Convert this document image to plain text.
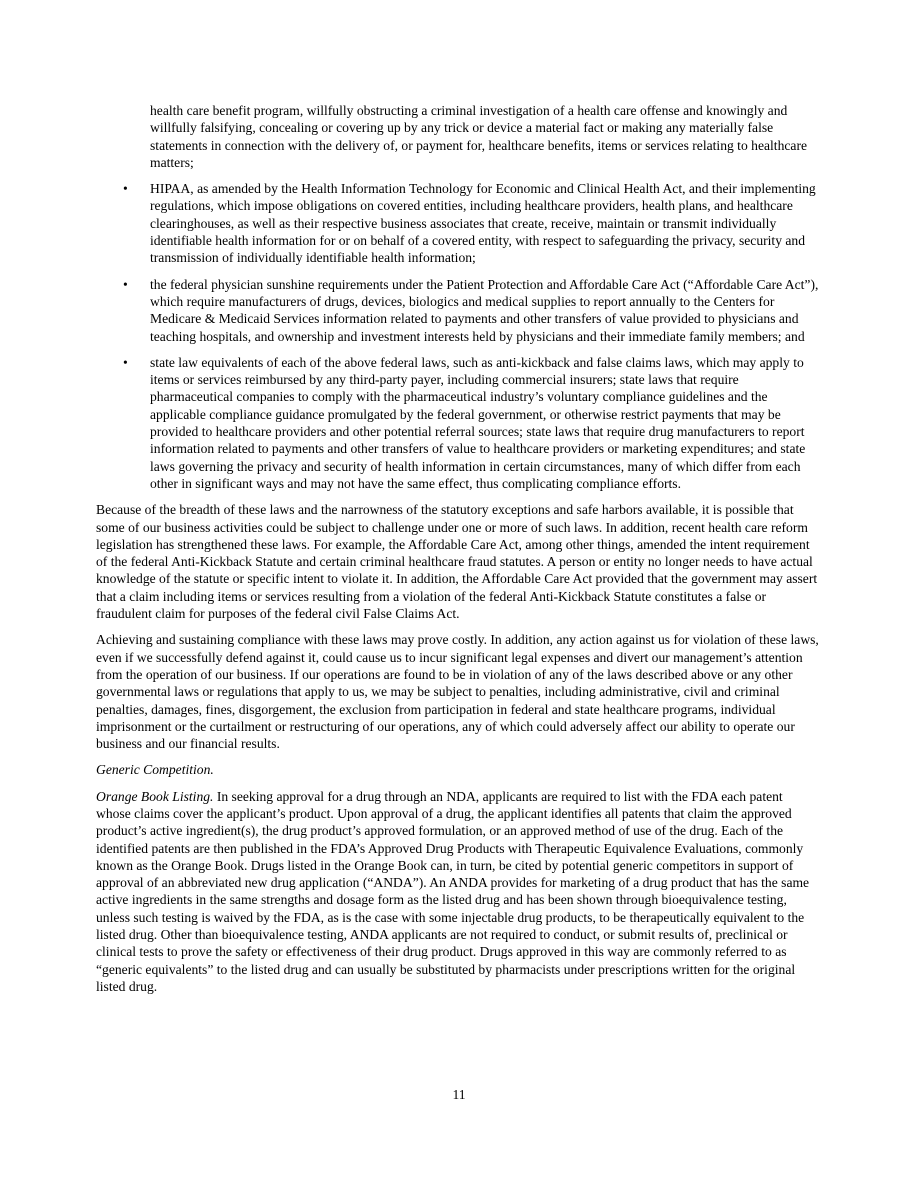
health care benefit program, willfully obstructing a criminal investigation of a health care offense and knowingly and willfully falsifying, concealing or covering up by any trick or device a material fact or making any materially false statements in connection with the delivery of, or payment for, healthcare benefits, items or services relating to healthcare matters;

• HIPAA, as amended by the Health Information Technology for Economic and Clinical Health Act, and their implementing regulations, which impose obligations on covered entities, including healthcare providers, health plans, and healthcare clearinghouses, as well as their respective business associates that create, receive, maintain or transmit individually identifiable health information for or on behalf of a covered entity, with respect to safeguarding the privacy, security and transmission of individually identifiable health information;
• the federal physician sunshine requirements under the Patient Protection and Affordable Care Act (“Affordable Care Act”), which require manufacturers of drugs, devices, biologics and medical supplies to report annually to the Centers for Medicare & Medicaid Services information related to payments and other transfers of value provided to physicians and teaching hospitals, and ownership and investment interests held by physicians and their immediate family members; and
• state law equivalents of each of the above federal laws, such as anti-kickback and false claims laws, which may apply to items or services reimbursed by any third-party payer, including commercial insurers; state laws that require pharmaceutical companies to comply with the pharmaceutical industry’s voluntary compliance guidelines and the applicable compliance guidance promulgated by the federal government, or otherwise restrict payments that may be provided to healthcare providers and other potential referral sources; state laws that require drug manufacturers to report information related to payments and other transfers of value to healthcare providers or marketing expenditures; and state laws governing the privacy and security of health information in certain circumstances, many of which differ from each other in significant ways and may not have the same effect, thus complicating compliance efforts.

Because of the breadth of these laws and the narrowness of the statutory exceptions and safe harbors available, it is possible that some of our business activities could be subject to challenge under one or more of such laws. In addition, recent health care reform legislation has strengthened these laws. For example, the Affordable Care Act, among other things, amended the intent requirement of the federal Anti-Kickback Statute and certain criminal healthcare fraud statutes. A person or entity no longer needs to have actual knowledge of the statute or specific intent to violate it. In addition, the Affordable Care Act provided that the government may assert that a claim including items or services resulting from a violation of the federal Anti-Kickback Statute constitutes a false or fraudulent claim for purposes of the federal civil False Claims Act.

Achieving and sustaining compliance with these laws may prove costly. In addition, any action against us for violation of these laws, even if we successfully defend against it, could cause us to incur significant legal expenses and divert our management’s attention from the operation of our business. If our operations are found to be in violation of any of the laws described above or any other governmental laws or regulations that apply to us, we may be subject to penalties, including administrative, civil and criminal penalties, damages, fines, disgorgement, the exclusion from participation in federal and state healthcare programs, individual imprisonment or the curtailment or restructuring of our operations, any of which could adversely affect our ability to operate our business and our financial results.

Generic Competition.

Orange Book Listing. In seeking approval for a drug through an NDA, applicants are required to list with the FDA each patent whose claims cover the applicant’s product. Upon approval of a drug, the applicant identifies all patents that claim the approved product’s active ingredient(s), the drug product’s approved formulation, or an approved method of use of the drug. Each of the identified patents are then published in the FDA’s Approved Drug Products with Therapeutic Equivalence Evaluations, commonly known as the Orange Book. Drugs listed in the Orange Book can, in turn, be cited by potential generic competitors in support of approval of an abbreviated new drug application (“ANDA”). An ANDA provides for marketing of a drug product that has the same active ingredients in the same strengths and dosage form as the listed drug and has been shown through bioequivalence testing, unless such testing is waived by the FDA, as is the case with some injectable drug products, to be therapeutically equivalent to the listed drug. Other than bioequivalence testing, ANDA applicants are not required to conduct, or submit results of, preclinical or clinical tests to prove the safety or effectiveness of their drug product. Drugs approved in this way are commonly referred to as “generic equivalents” to the listed drug and can usually be substituted by pharmacists under prescriptions written for the original listed drug.

11
